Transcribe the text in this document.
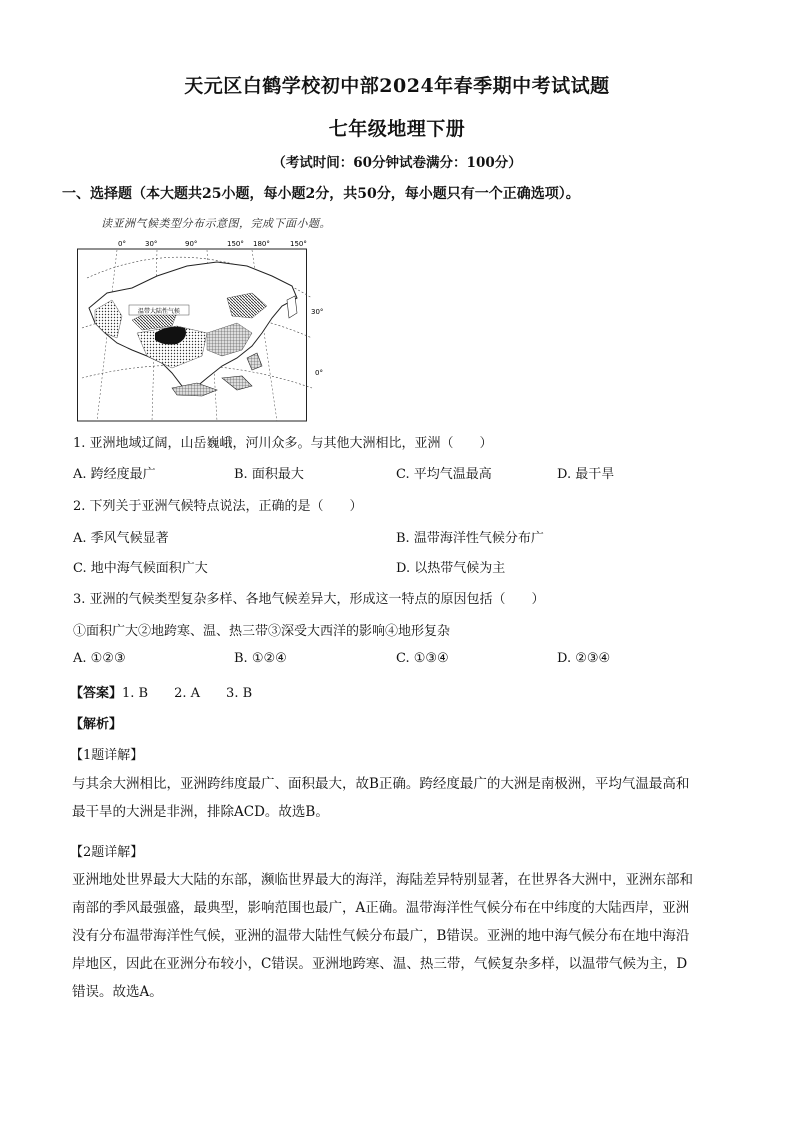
天元区白鹤学校初中部2024年春季期中考试试题
七年级地理下册
（考试时间：60分钟试卷满分：100分）
一、选择题（本大题共25小题，每小题2分，共50分，每小题只有一个正确选项）。
读亚洲气候类型分布示意图，完成下面小题。
温带大陆性气候
0°	30°	90°	150° 180°	150°
30°
0°
1. 亚洲地域辽阔，山岳巍峨，河川众多。与其他大洲相比，亚洲（　　）
A. 跨经度最广	B. 面积最大	C. 平均气温最高	D. 最干旱
2. 下列关于亚洲气候特点说法，正确的是（　　）
A. 季风气候显著	B. 温带海洋性气候分布广
C. 地中海气候面积广大	D. 以热带气候为主
3. 亚洲的气候类型复杂多样、各地气候差异大，形成这一特点的原因包括（　　）
①面积广大②地跨寒、温、热三带③深受大西洋的影响④地形复杂
A. ①②③	B. ①②④	C. ①③④	D. ②③④
【答案】1. B 2. A 3. B
【解析】
【1题详解】
与其余大洲相比，亚洲跨纬度最广、面积最大，故B正确。跨经度最广的大洲是南极洲，平均气温最高和
最干旱的大洲是非洲，排除ACD。故选B。
【2题详解】
亚洲地处世界最大大陆的东部，濒临世界最大的海洋，海陆差异特别显著，在世界各大洲中，亚洲东部和
南部的季风最强盛，最典型，影响范围也最广，A正确。温带海洋性气候分布在中纬度的大陆西岸，亚洲
没有分布温带海洋性气候，亚洲的温带大陆性气候分布最广，B错误。亚洲的地中海气候分布在地中海沿
岸地区，因此在亚洲分布较小，C错误。亚洲地跨寒、温、热三带，气候复杂多样，以温带气候为主，D
错误。故选A。
